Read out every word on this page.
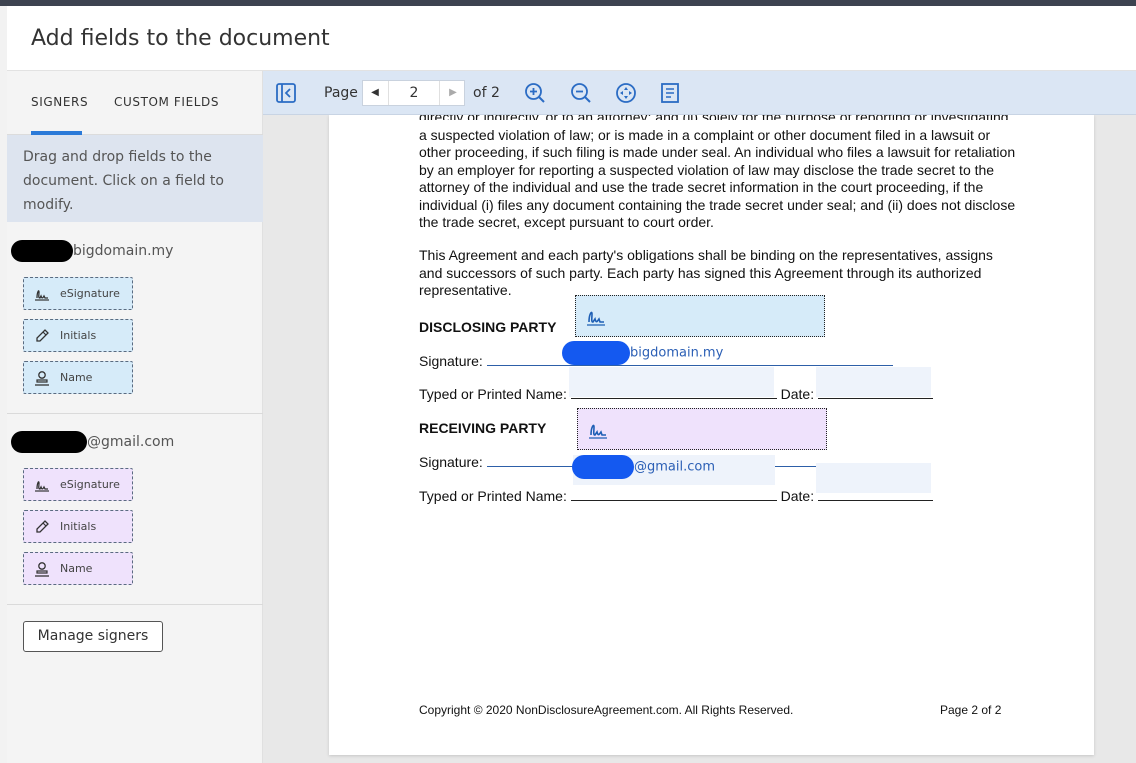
Add fields to the document
SIGNERS CUSTOM FIELDS
Drag and drop fields to the document. Click on a field to modify.
bigdomain.my
eSignature
Initials
Name
@gmail.com
eSignature
Initials
Name
Manage signers
Page	◀
2	▶	of 2

a suspected violation of law; or is made in a complaint or other document filed in a lawsuit or other proceeding, if such filing is made under seal. An individual who files a lawsuit for retaliation by an employer for reporting a suspected violation of law may disclose the trade secret to the attorney of the individual and use the trade secret information in the court proceeding, if the individual (i) files any document containing the trade secret under seal; and (ii) does not disclose the trade secret, except pursuant to court order.

This Agreement and each party's obligations shall be binding on the representatives, assigns and successors of such party. Each party has signed this Agreement through its authorized representative.

DISCLOSING PARTY
Signature:	bigdomain.my
Typed or Printed Name:	Date:
RECEIVING PARTY
Signature:	@gmail.com
Typed or Printed Name:	Date:
Copyright © 2020 NonDisclosureAgreement.com. All Rights Reserved.	Page 2 of 2
